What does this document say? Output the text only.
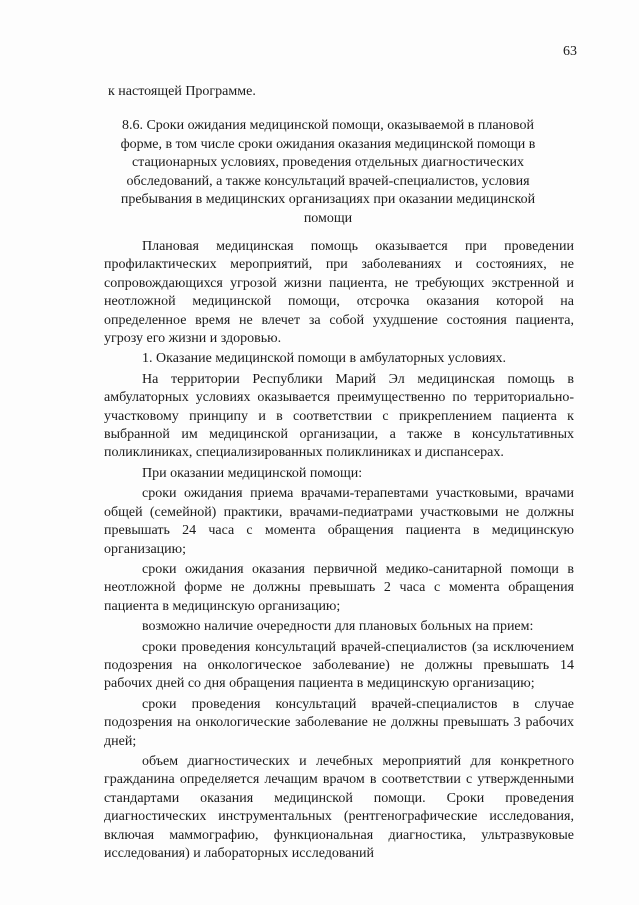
63
к настоящей Программе.
8.6. Сроки ожидания медицинской помощи, оказываемой в плановой форме, в том числе сроки ожидания оказания медицинской помощи в стационарных условиях, проведения отдельных диагностических обследований, а также консультаций врачей-специалистов, условия пребывания в медицинских организациях при оказании медицинской помощи

Плановая медицинская помощь оказывается при проведении профилактических мероприятий, при заболеваниях и состояниях, не сопровождающихся угрозой жизни пациента, не требующих экстренной и неотложной медицинской помощи, отсрочка оказания которой на определенное время не влечет за собой ухудшение состояния пациента, угрозу его жизни и здоровью.

1. Оказание медицинской помощи в амбулаторных условиях.

На территории Республики Марий Эл медицинская помощь в амбулаторных условиях оказывается преимущественно по территориально-участковому принципу и в соответствии с прикреплением пациента к выбранной им медицинской организации, а также в консультативных поликлиниках, специализированных поликлиниках и диспансерах.

При оказании медицинской помощи:

сроки ожидания приема врачами-терапевтами участковыми, врачами общей (семейной) практики, врачами-педиатрами участковыми не должны превышать 24 часа с момента обращения пациента в медицинскую организацию;

сроки ожидания оказания первичной медико-санитарной помощи в неотложной форме не должны превышать 2 часа с момента обращения пациента в медицинскую организацию;

возможно наличие очередности для плановых больных на прием:

сроки проведения консультаций врачей-специалистов (за исключением подозрения на онкологическое заболевание) не должны превышать 14 рабочих дней со дня обращения пациента в медицинскую организацию;

сроки проведения консультаций врачей-специалистов в случае подозрения на онкологические заболевание не должны превышать 3 рабочих дней;

объем диагностических и лечебных мероприятий для конкретного гражданина определяется лечащим врачом в соответствии с утвержденными стандартами оказания медицинской помощи. Сроки проведения диагностических инструментальных (рентгенографические исследования, включая маммографию, функциональная диагностика, ультразвуковые исследования) и лабораторных исследований
